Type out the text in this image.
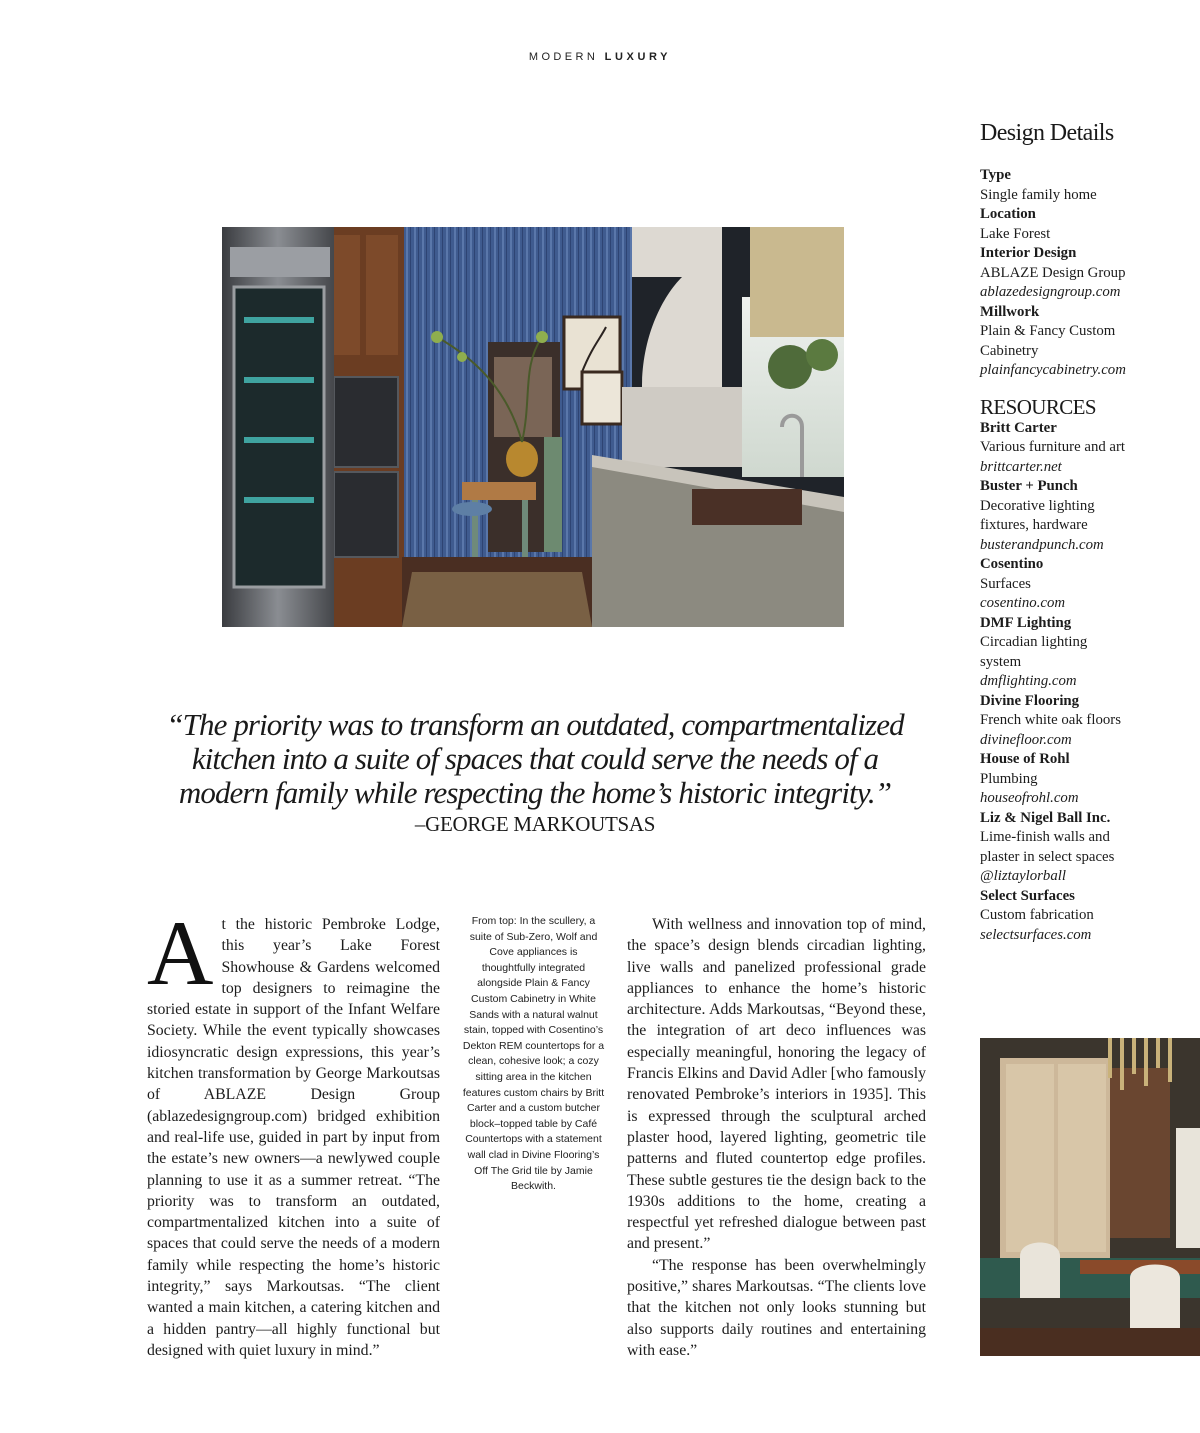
MODERN LUXURY
“The priority was to transform an outdated, compartmentalized kitchen into a suite of spaces that could serve the needs of a modern family while respecting the home’s historic integrity.”
–GEORGE MARKOUTSAS
A t the historic Pembroke Lodge, this year’s Lake Forest Showhouse & Gardens welcomed top designers to reimagine the storied estate in support of the Infant Welfare Society. While the event typically showcases idiosyncratic design expressions, this year’s kitchen transformation by George Markoutsas of ABLAZE Design Group (ablazedesigngroup.com) bridged exhibition and real-life use, guided in part by input from the estate’s new owners—a newlywed couple planning to use it as a summer retreat. “The priority was to transform an outdated, compartmentalized kitchen into a suite of spaces that could serve the needs of a modern family while respecting the home’s historic integrity,” says Markoutsas. “The client wanted a main kitchen, a catering kitchen and a hidden pantry—all highly functional but designed with quiet luxury in mind.”

From top: In the scullery, a suite of Sub-Zero, Wolf and Cove appliances is thoughtfully integrated alongside Plain & Fancy Custom Cabinetry in White Sands with a natural walnut stain, topped with Cosentino’s Dekton REM countertops for a clean, cohesive look; a cozy sitting area in the kitchen features custom chairs by Britt Carter and a custom butcher block–topped table by Café Countertops with a statement wall clad in Divine Flooring’s Off The Grid tile by Jamie Beckwith.

With wellness and innovation top of mind, the space’s design blends circadian lighting, live walls and panelized professional grade appliances to enhance the home’s historic architecture. Adds Markoutsas, “Beyond these, the integration of art deco influences was especially meaningful, honoring the legacy of Francis Elkins and David Adler [who famously renovated Pembroke’s interiors in 1935]. This is expressed through the sculptural arched plaster hood, layered lighting, geometric tile patterns and fluted countertop edge profiles. These subtle gestures tie the design back to the 1930s additions to the home, creating a respectful yet refreshed dialogue between past and present.”

“The response has been overwhelmingly positive,” shares Markoutsas. “The clients love that the kitchen not only looks stunning but also supports daily routines and entertaining with ease.”

Design Details
Type
Single family home
Location
Lake Forest
Interior Design
ABLAZE Design Group
ablazedesigngroup.com
Millwork
Plain & Fancy Custom
Cabinetry
plainfancycabinetry.com
RESOURCES
Britt Carter
Various furniture and art
brittcarter.net
Buster + Punch
Decorative lighting
fixtures, hardware
busterandpunch.com
Cosentino
Surfaces
cosentino.com
DMF Lighting
Circadian lighting
system
dmflighting.com
Divine Flooring
French white oak floors
divinefloor.com
House of Rohl
Plumbing
houseofrohl.com
Liz & Nigel Ball Inc.
Lime-finish walls and
plaster in select spaces
@liztaylorball
Select Surfaces
Custom fabrication
selectsurfaces.com
